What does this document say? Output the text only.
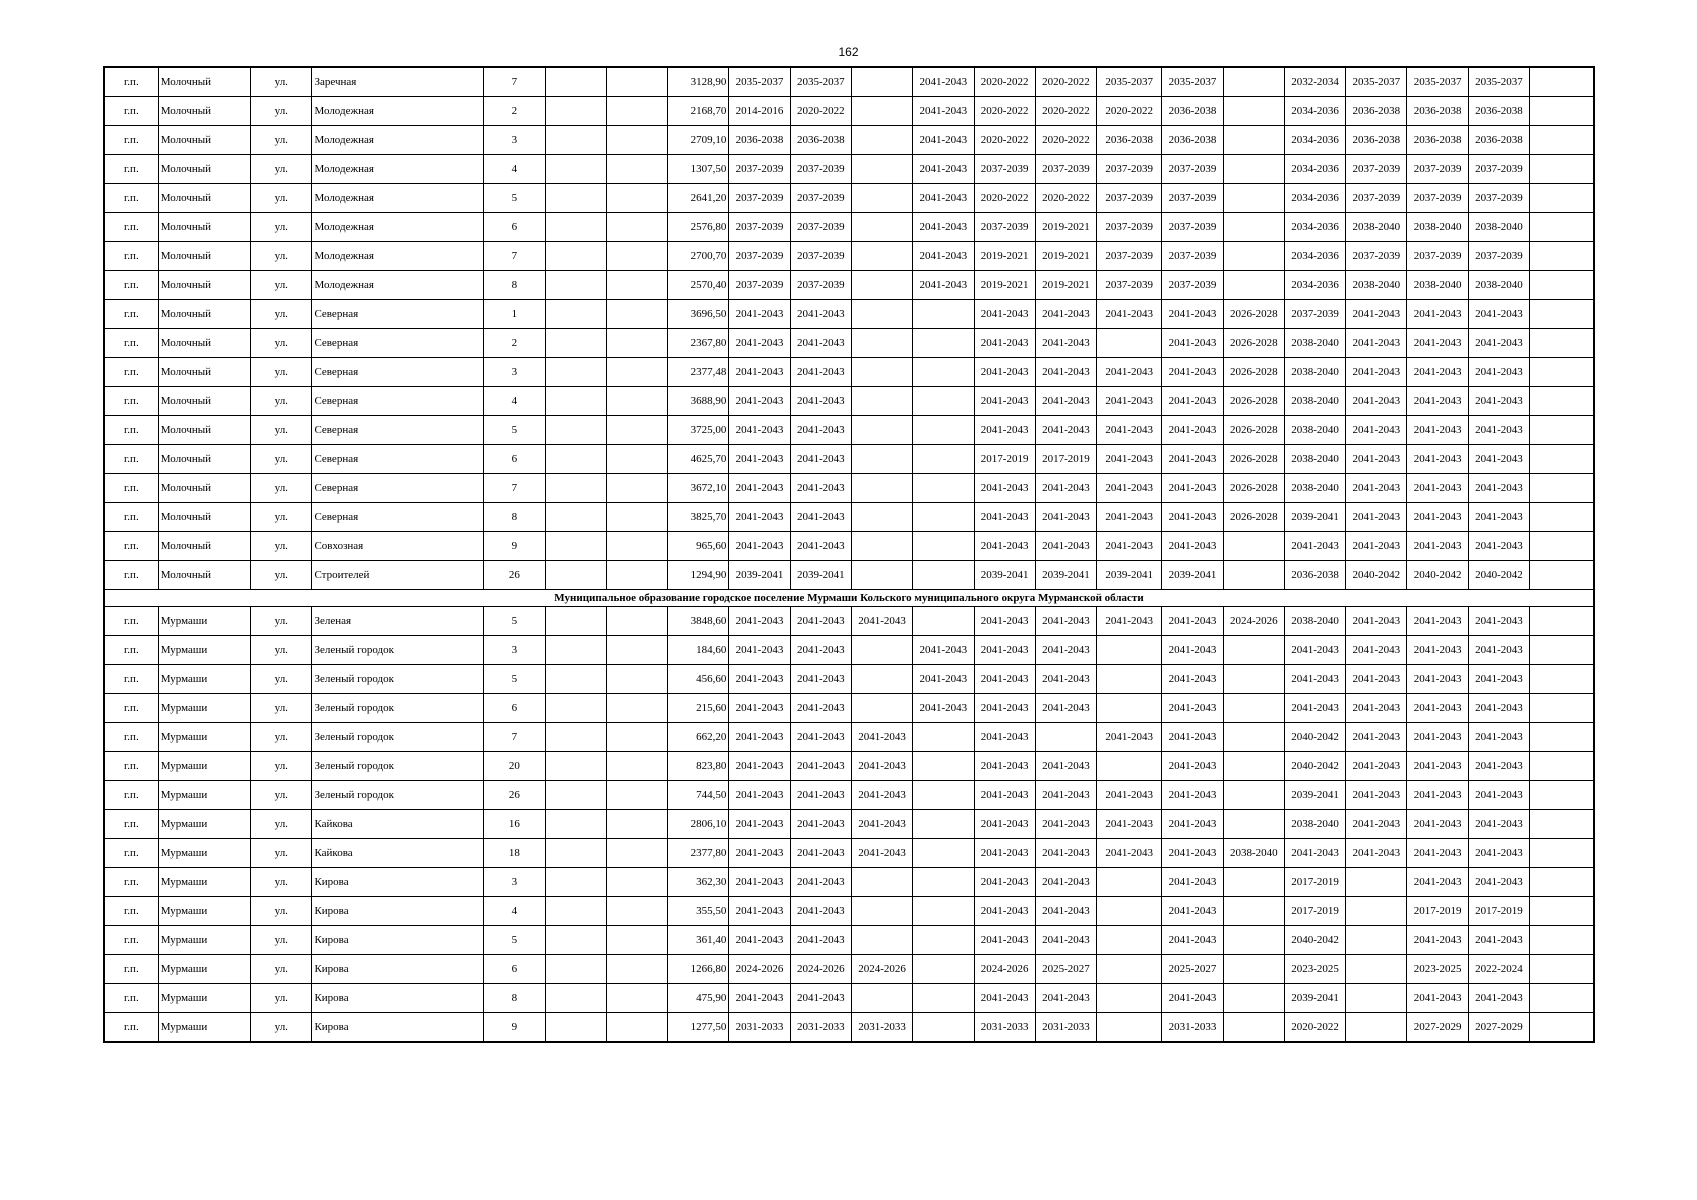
162
г.п.	Молочный	ул.	Заречная	7			3128,90	2035-2037	2035-2037		2041-2043	2020-2022	2020-2022	2035-2037	2035-2037		2032-2034	2035-2037	2035-2037	2035-2037	
г.п.	Молочный	ул.	Молодежная	2			2168,70	2014-2016	2020-2022		2041-2043	2020-2022	2020-2022	2020-2022	2036-2038		2034-2036	2036-2038	2036-2038	2036-2038	
г.п.	Молочный	ул.	Молодежная	3			2709,10	2036-2038	2036-2038		2041-2043	2020-2022	2020-2022	2036-2038	2036-2038		2034-2036	2036-2038	2036-2038	2036-2038	
г.п.	Молочный	ул.	Молодежная	4			1307,50	2037-2039	2037-2039		2041-2043	2037-2039	2037-2039	2037-2039	2037-2039		2034-2036	2037-2039	2037-2039	2037-2039	
г.п.	Молочный	ул.	Молодежная	5			2641,20	2037-2039	2037-2039		2041-2043	2020-2022	2020-2022	2037-2039	2037-2039		2034-2036	2037-2039	2037-2039	2037-2039	
г.п.	Молочный	ул.	Молодежная	6			2576,80	2037-2039	2037-2039		2041-2043	2037-2039	2019-2021	2037-2039	2037-2039		2034-2036	2038-2040	2038-2040	2038-2040	
г.п.	Молочный	ул.	Молодежная	7			2700,70	2037-2039	2037-2039		2041-2043	2019-2021	2019-2021	2037-2039	2037-2039		2034-2036	2037-2039	2037-2039	2037-2039	
г.п.	Молочный	ул.	Молодежная	8			2570,40	2037-2039	2037-2039		2041-2043	2019-2021	2019-2021	2037-2039	2037-2039		2034-2036	2038-2040	2038-2040	2038-2040	
г.п.	Молочный	ул.	Северная	1			3696,50	2041-2043	2041-2043			2041-2043	2041-2043	2041-2043	2041-2043	2026-2028	2037-2039	2041-2043	2041-2043	2041-2043	
г.п.	Молочный	ул.	Северная	2			2367,80	2041-2043	2041-2043			2041-2043	2041-2043		2041-2043	2026-2028	2038-2040	2041-2043	2041-2043	2041-2043	
г.п.	Молочный	ул.	Северная	3			2377,48	2041-2043	2041-2043			2041-2043	2041-2043	2041-2043	2041-2043	2026-2028	2038-2040	2041-2043	2041-2043	2041-2043	
г.п.	Молочный	ул.	Северная	4			3688,90	2041-2043	2041-2043			2041-2043	2041-2043	2041-2043	2041-2043	2026-2028	2038-2040	2041-2043	2041-2043	2041-2043	
г.п.	Молочный	ул.	Северная	5			3725,00	2041-2043	2041-2043			2041-2043	2041-2043	2041-2043	2041-2043	2026-2028	2038-2040	2041-2043	2041-2043	2041-2043	
г.п.	Молочный	ул.	Северная	6			4625,70	2041-2043	2041-2043			2017-2019	2017-2019	2041-2043	2041-2043	2026-2028	2038-2040	2041-2043	2041-2043	2041-2043	
г.п.	Молочный	ул.	Северная	7			3672,10	2041-2043	2041-2043			2041-2043	2041-2043	2041-2043	2041-2043	2026-2028	2038-2040	2041-2043	2041-2043	2041-2043	
г.п.	Молочный	ул.	Северная	8			3825,70	2041-2043	2041-2043			2041-2043	2041-2043	2041-2043	2041-2043	2026-2028	2039-2041	2041-2043	2041-2043	2041-2043	
г.п.	Молочный	ул.	Совхозная	9			965,60	2041-2043	2041-2043			2041-2043	2041-2043	2041-2043	2041-2043		2041-2043	2041-2043	2041-2043	2041-2043	
г.п.	Молочный	ул.	Строителей	26			1294,90	2039-2041	2039-2041			2039-2041	2039-2041	2039-2041	2039-2041		2036-2038	2040-2042	2040-2042	2040-2042	
Муниципальное образование городское поселение Мурмаши Кольского муниципального округа Мурманской области																					
г.п.	Мурмаши	ул.	Зеленая	5			3848,60	2041-2043	2041-2043	2041-2043		2041-2043	2041-2043	2041-2043	2041-2043	2024-2026	2038-2040	2041-2043	2041-2043	2041-2043	
г.п.	Мурмаши	ул.	Зеленый городок	3			184,60	2041-2043	2041-2043		2041-2043	2041-2043	2041-2043		2041-2043		2041-2043	2041-2043	2041-2043	2041-2043	
г.п.	Мурмаши	ул.	Зеленый городок	5			456,60	2041-2043	2041-2043		2041-2043	2041-2043	2041-2043		2041-2043		2041-2043	2041-2043	2041-2043	2041-2043	
г.п.	Мурмаши	ул.	Зеленый городок	6			215,60	2041-2043	2041-2043		2041-2043	2041-2043	2041-2043		2041-2043		2041-2043	2041-2043	2041-2043	2041-2043	
г.п.	Мурмаши	ул.	Зеленый городок	7			662,20	2041-2043	2041-2043	2041-2043		2041-2043		2041-2043	2041-2043		2040-2042	2041-2043	2041-2043	2041-2043	
г.п.	Мурмаши	ул.	Зеленый городок	20			823,80	2041-2043	2041-2043	2041-2043		2041-2043	2041-2043		2041-2043		2040-2042	2041-2043	2041-2043	2041-2043	
г.п.	Мурмаши	ул.	Зеленый городок	26			744,50	2041-2043	2041-2043	2041-2043		2041-2043	2041-2043	2041-2043	2041-2043		2039-2041	2041-2043	2041-2043	2041-2043	
г.п.	Мурмаши	ул.	Кайкова	16			2806,10	2041-2043	2041-2043	2041-2043		2041-2043	2041-2043	2041-2043	2041-2043		2038-2040	2041-2043	2041-2043	2041-2043	
г.п.	Мурмаши	ул.	Кайкова	18			2377,80	2041-2043	2041-2043	2041-2043		2041-2043	2041-2043	2041-2043	2041-2043	2038-2040	2041-2043	2041-2043	2041-2043	2041-2043	
г.п.	Мурмаши	ул.	Кирова	3			362,30	2041-2043	2041-2043			2041-2043	2041-2043		2041-2043		2017-2019		2041-2043	2041-2043	
г.п.	Мурмаши	ул.	Кирова	4			355,50	2041-2043	2041-2043			2041-2043	2041-2043		2041-2043		2017-2019		2017-2019	2017-2019	
г.п.	Мурмаши	ул.	Кирова	5			361,40	2041-2043	2041-2043			2041-2043	2041-2043		2041-2043		2040-2042		2041-2043	2041-2043	
г.п.	Мурмаши	ул.	Кирова	6			1266,80	2024-2026	2024-2026	2024-2026		2024-2026	2025-2027		2025-2027		2023-2025		2023-2025	2022-2024	
г.п.	Мурмаши	ул.	Кирова	8			475,90	2041-2043	2041-2043			2041-2043	2041-2043		2041-2043		2039-2041		2041-2043	2041-2043	
г.п.	Мурмаши	ул.	Кирова	9			1277,50	2031-2033	2031-2033	2031-2033		2031-2033	2031-2033		2031-2033		2020-2022		2027-2029	2027-2029	
